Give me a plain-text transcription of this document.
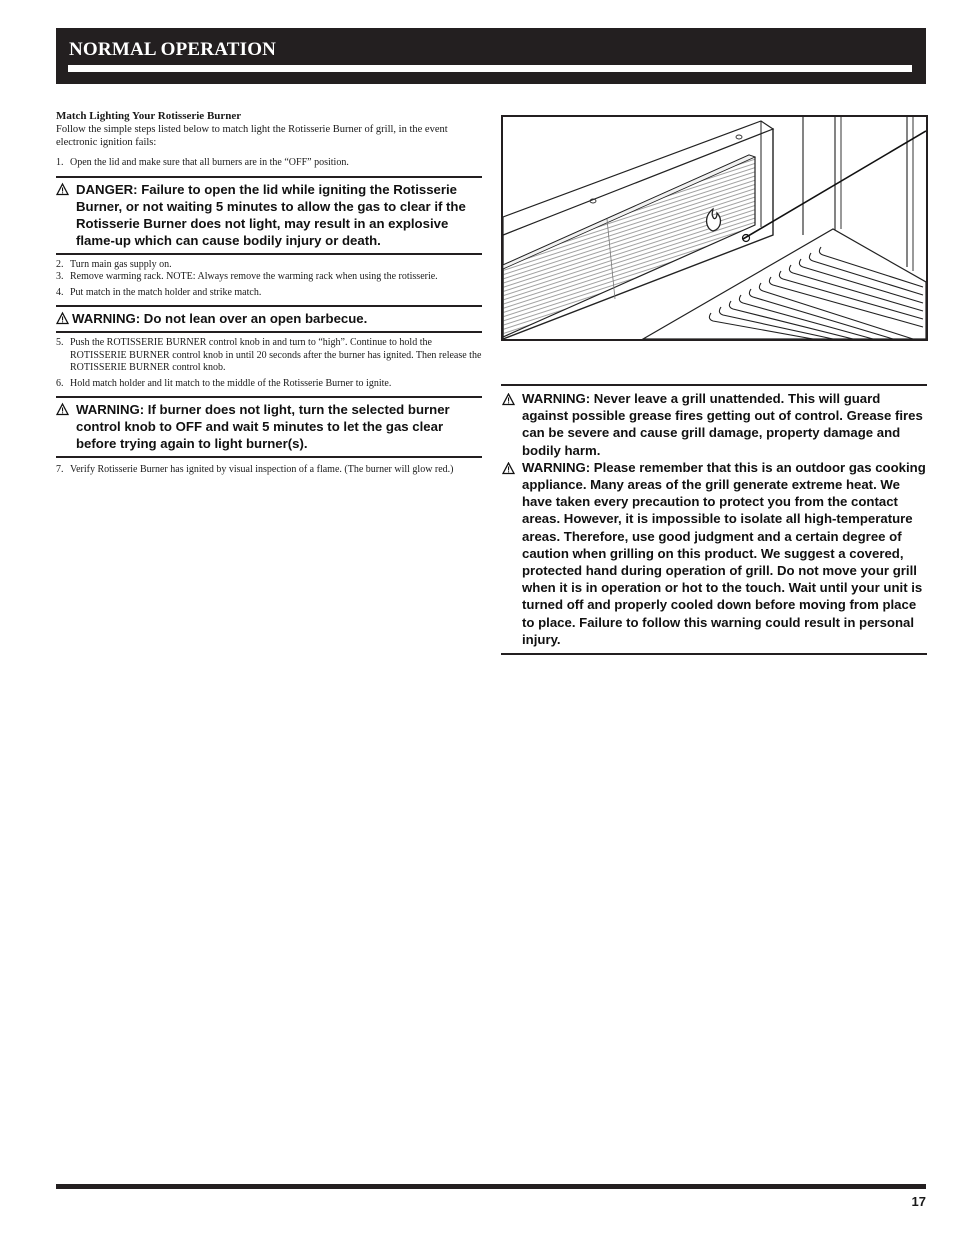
NORMAL OPERATION
Match Lighting Your Rotisserie Burner
Follow the simple steps listed below to match light the Rotisserie Burner of grill, in the event electronic ignition fails:
1. Open the lid and make sure that all burners are in the “OFF” position.
DANGER: Failure to open the lid while igniting the Rotisserie Burner, or not waiting 5 minutes to allow the gas to clear if the Rotisserie Burner does not light, may result in an explosive flame-up which can cause bodily injury or death.
2. Turn main gas supply on.
3. Remove warming rack. NOTE: Always remove the warming rack when using the rotisserie.
4. Put match in the match holder and strike match.
WARNING: Do not lean over an open barbecue.
5. Push the ROTISSERIE BURNER control knob in and turn to “high”. Continue to hold the ROTISSERIE BURNER control knob in until 20 seconds after the burner has ignited. Then release the ROTISSERIE BURNER control knob.
6. Hold match holder and lit match to the middle of the Rotisserie Burner to ignite.
WARNING: If burner does not light, turn the selected burner control knob to OFF and wait 5 minutes to let the gas clear before trying again to light burner(s).
7. Verify Rotisserie Burner has ignited by visual inspection of a flame. (The burner will glow red.)
WARNING: Never leave a grill unattended. This will guard against possible grease fires getting out of control. Grease fires can be severe and cause grill damage, property damage and bodily harm.
WARNING: Please remember that this is an outdoor gas cooking appliance. Many areas of the grill generate extreme heat. We have taken every precaution to protect you from the contact areas. However, it is impossible to isolate all high-temperature areas. Therefore, use good judgment and a certain degree of caution when grilling on this product. We suggest a covered, protected hand during operation of grill. Do not move your grill when it is in operation or hot to the touch. Wait until your unit is turned off and properly cooled down before moving from place to place. Failure to follow this warning could result in personal injury.
17
